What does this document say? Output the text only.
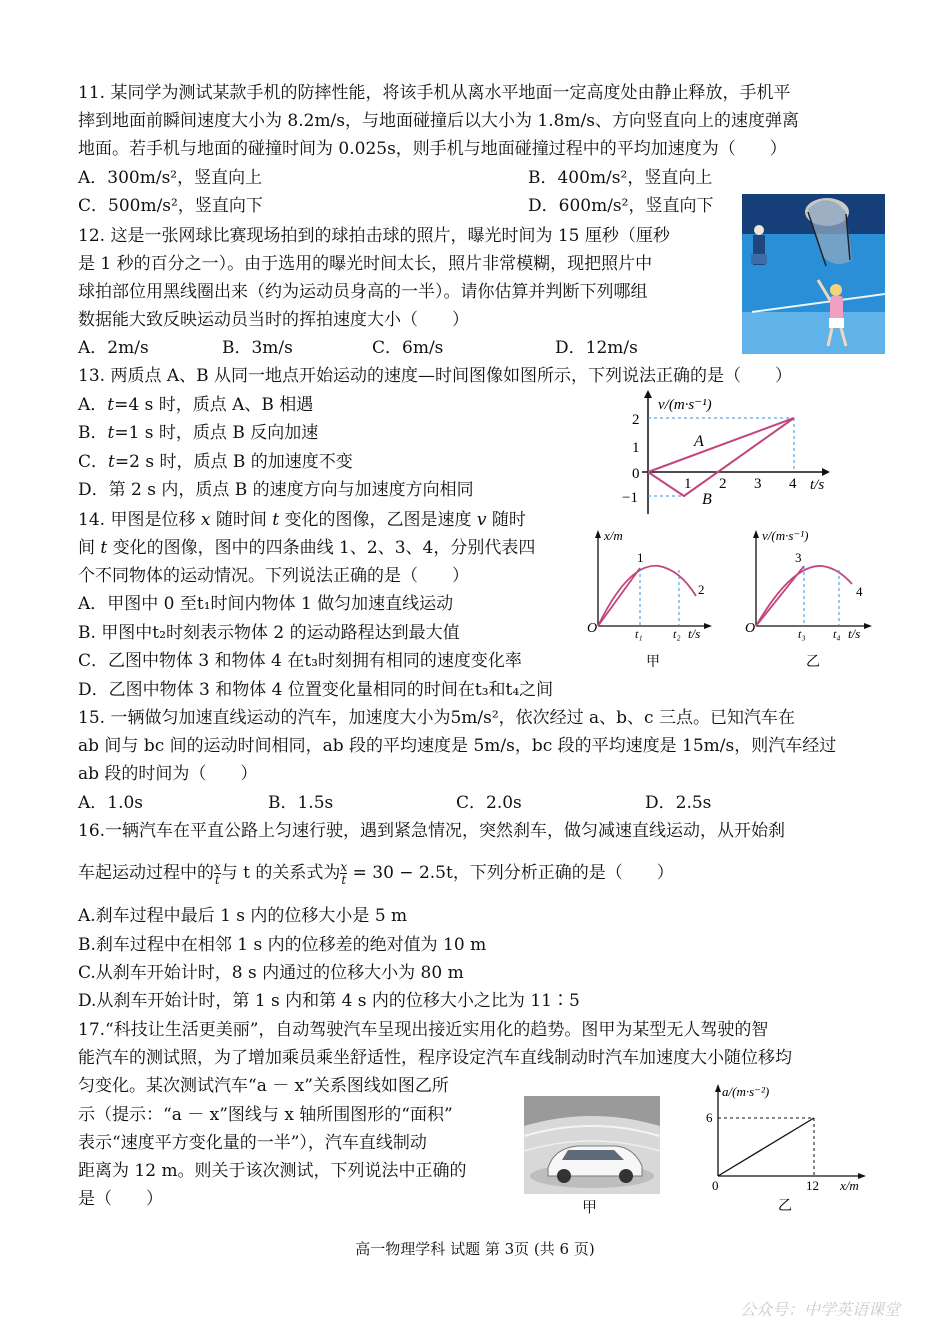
11. 某同学为测试某款手机的防摔性能，将该手机从离水平地面一定高度处由静止释放，手机平
摔到地面前瞬间速度大小为 8.2m/s，与地面碰撞后以大小为 1.8m/s、方向竖直向上的速度弹离
地面。若手机与地面的碰撞时间为 0.025s，则手机与地面碰撞过程中的平均加速度为（　　）
A．300m/s²，竖直向上	B．400m/s²，竖直向上
C．500m/s²，竖直向下	D．600m/s²，竖直向下
12. 这是一张网球比赛现场拍到的球拍击球的照片，曝光时间为 15 厘秒（厘秒
是 1 秒的百分之一）。由于选用的曝光时间太长，照片非常模糊，现把照片中
球拍部位用黑线圈出来（约为运动员身高的一半）。请你估算并判断下列哪组
数据能大致反映运动员当时的挥拍速度大小（　　）
A．2m/s	B．3m/s	C．6m/s	D．12m/s
13. 两质点 A、B 从同一地点开始运动的速度—时间图像如图所示，下列说法正确的是（　　）
A．t=4 s 时，质点 A、B 相遇
B．t=1 s 时，质点 B 反向加速
C．t=2 s 时，质点 B 的加速度不变
D．第 2 s 内，质点 B 的速度方向与加速度方向相同
v/(m·s⁻¹)
t/s
2
1
0
−1
1 2 3 4
A
B
14. 甲图是位移 x 随时间 t 变化的图像，乙图是速度 v 随时
间 t 变化的图像，图中的四条曲线 1、2、3、4，分别代表四
个不同物体的运动情况。下列说法正确的是（　　）
A．甲图中 0 至t₁时间内物体 1 做匀加速直线运动
B. 甲图中t₂时刻表示物体 2 的运动路程达到最大值
C．乙图中物体 3 和物体 4 在t₃时刻拥有相同的速度变化率
D．乙图中物体 3 和物体 4 位置变化量相同的时间在t₃和t₄之间
x/m
t/s
O	t₁	t₂
1
2
甲
v/(m·s⁻¹)
t/s
O	t₃ t₄
3
4
乙
15. 一辆做匀加速直线运动的汽车，加速度大小为5m/s²，依次经过 a、b、c 三点。已知汽车在
ab 间与 bc 间的运动时间相同，ab 段的平均速度是 5m/s，bc 段的平均速度是 15m/s，则汽车经过
ab 段的时间为（　　）
A．1.0s	B．1.5s	C．2.0s	D．2.5s
16.一辆汽车在平直公路上匀速行驶，遇到紧急情况，突然刹车，做匀减速直线运动，从开始刹
车起运动过程中的 $\frac{x}{t}$ 与 t 的关系式为 $\frac{x}{t} = 30 - 2.5t$，下列分析正确的是（　　）
A.刹车过程中最后 1 s 内的位移大小是 5 m
B.刹车过程中在相邻 1 s 内的位移差的绝对值为 10 m
C.从刹车开始计时，8 s 内通过的位移大小为 80 m
D.从刹车开始计时，第 1 s 内和第 4 s 内的位移大小之比为 11∶5
17.“科技让生活更美丽”，自动驾驶汽车呈现出接近实用化的趋势。图甲为某型无人驾驶的智
能汽车的测试照，为了增加乘员乘坐舒适性，程序设定汽车直线制动时汽车加速度大小随位移均
匀变化。某次测试汽车“a － x”关系图线如图乙所
示（提示：“a － x”图线与 x 轴所围图形的“面积”
表示“速度平方变化量的一半”），汽车直线制动
距离为 12 m。则关于该次测试，下列说法中正确的
是（　　）	甲
a/(m·s⁻²)
6
0	12 x/m
乙
高一物理学科 试题 第 3页 (共 6 页)
公众号：中学英语课堂
